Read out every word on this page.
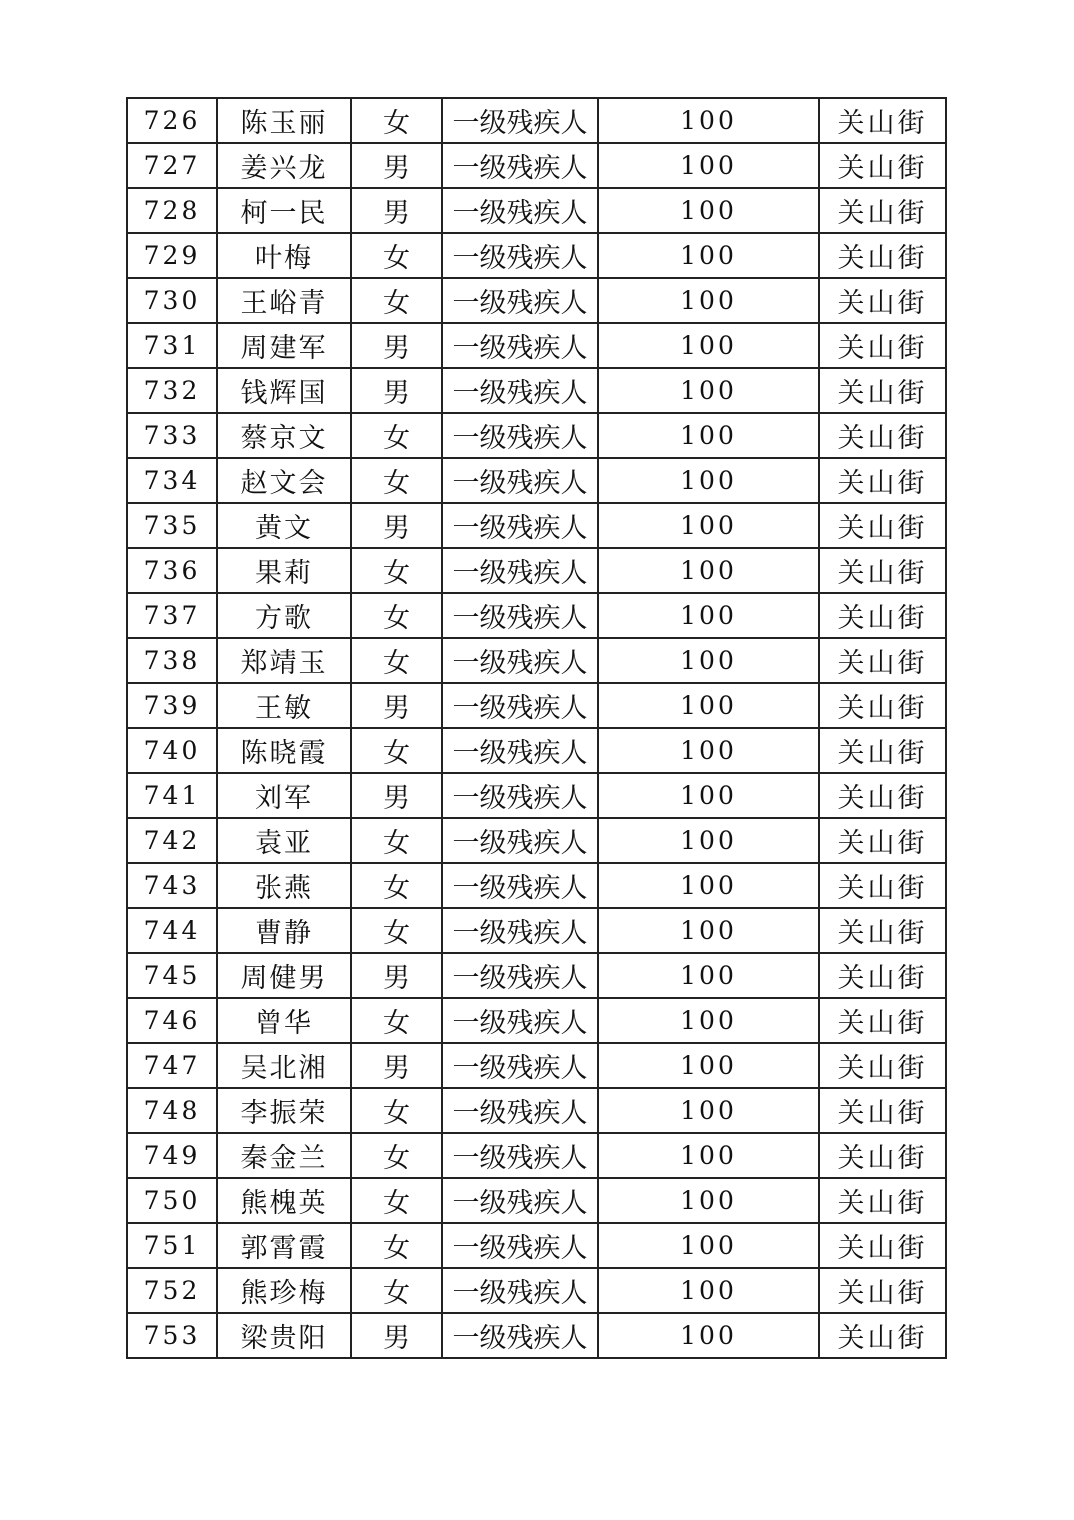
726	陈玉丽	女	一级残疾人	100	关山街
727	姜兴龙	男	一级残疾人	100	关山街
728	柯一民	男	一级残疾人	100	关山街
729	叶梅	女	一级残疾人	100	关山街
730	王峪青	女	一级残疾人	100	关山街
731	周建军	男	一级残疾人	100	关山街
732	钱辉国	男	一级残疾人	100	关山街
733	蔡京文	女	一级残疾人	100	关山街
734	赵文会	女	一级残疾人	100	关山街
735	黄文	男	一级残疾人	100	关山街
736	果莉	女	一级残疾人	100	关山街
737	方歌	女	一级残疾人	100	关山街
738	郑靖玉	女	一级残疾人	100	关山街
739	王敏	男	一级残疾人	100	关山街
740	陈晓霞	女	一级残疾人	100	关山街
741	刘军	男	一级残疾人	100	关山街
742	袁亚	女	一级残疾人	100	关山街
743	张燕	女	一级残疾人	100	关山街
744	曹静	女	一级残疾人	100	关山街
745	周健男	男	一级残疾人	100	关山街
746	曾华	女	一级残疾人	100	关山街
747	吴北湘	男	一级残疾人	100	关山街
748	李振荣	女	一级残疾人	100	关山街
749	秦金兰	女	一级残疾人	100	关山街
750	熊槐英	女	一级残疾人	100	关山街
751	郭霄霞	女	一级残疾人	100	关山街
752	熊珍梅	女	一级残疾人	100	关山街
753	梁贵阳	男	一级残疾人	100	关山街
